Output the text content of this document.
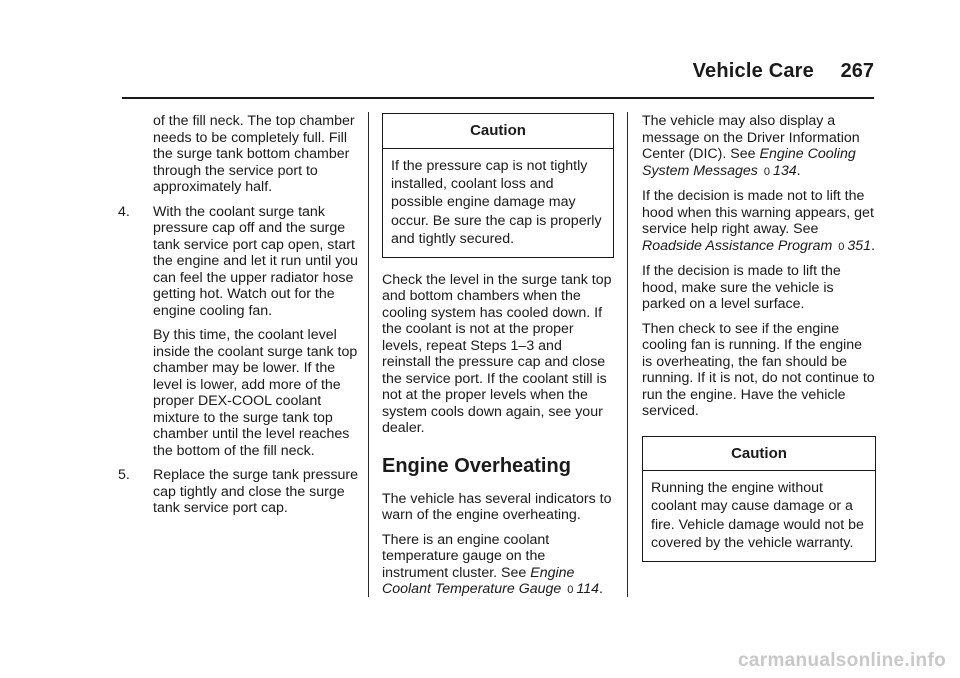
Vehicle Care 267

of the fill neck. The top chamber needs to be completely full. Fill the surge tank bottom chamber through the service port to approximately half.

4. With the coolant surge tank pressure cap off and the surge tank service port cap open, start the engine and let it run until you can feel the upper radiator hose getting hot. Watch out for the engine cooling fan.

By this time, the coolant level inside the coolant surge tank top chamber may be lower. If the level is lower, add more of the proper DEX-COOL coolant mixture to the surge tank top chamber until the level reaches the bottom of the fill neck.

5. Replace the surge tank pressure cap tightly and close the surge tank service port cap.

Caution
If the pressure cap is not tightly installed, coolant loss and possible engine damage may occur. Be sure the cap is properly and tightly secured.

Check the level in the surge tank top and bottom chambers when the cooling system has cooled down. If the coolant is not at the proper levels, repeat Steps 1–3 and reinstall the pressure cap and close the service port. If the coolant still is not at the proper levels when the system cools down again, see your dealer.

Engine Overheating

The vehicle has several indicators to warn of the engine overheating.

There is an engine coolant temperature gauge on the instrument cluster. See Engine Coolant Temperature Gauge 0 114.

The vehicle may also display a message on the Driver Information Center (DIC). See Engine Cooling System Messages 0 134.

If the decision is made not to lift the hood when this warning appears, get service help right away. See Roadside Assistance Program 0 351.

If the decision is made to lift the hood, make sure the vehicle is parked on a level surface.

Then check to see if the engine cooling fan is running. If the engine is overheating, the fan should be running. If it is not, do not continue to run the engine. Have the vehicle serviced.

Caution
Running the engine without coolant may cause damage or a fire. Vehicle damage would not be covered by the vehicle warranty.
carmanualsonline.info
